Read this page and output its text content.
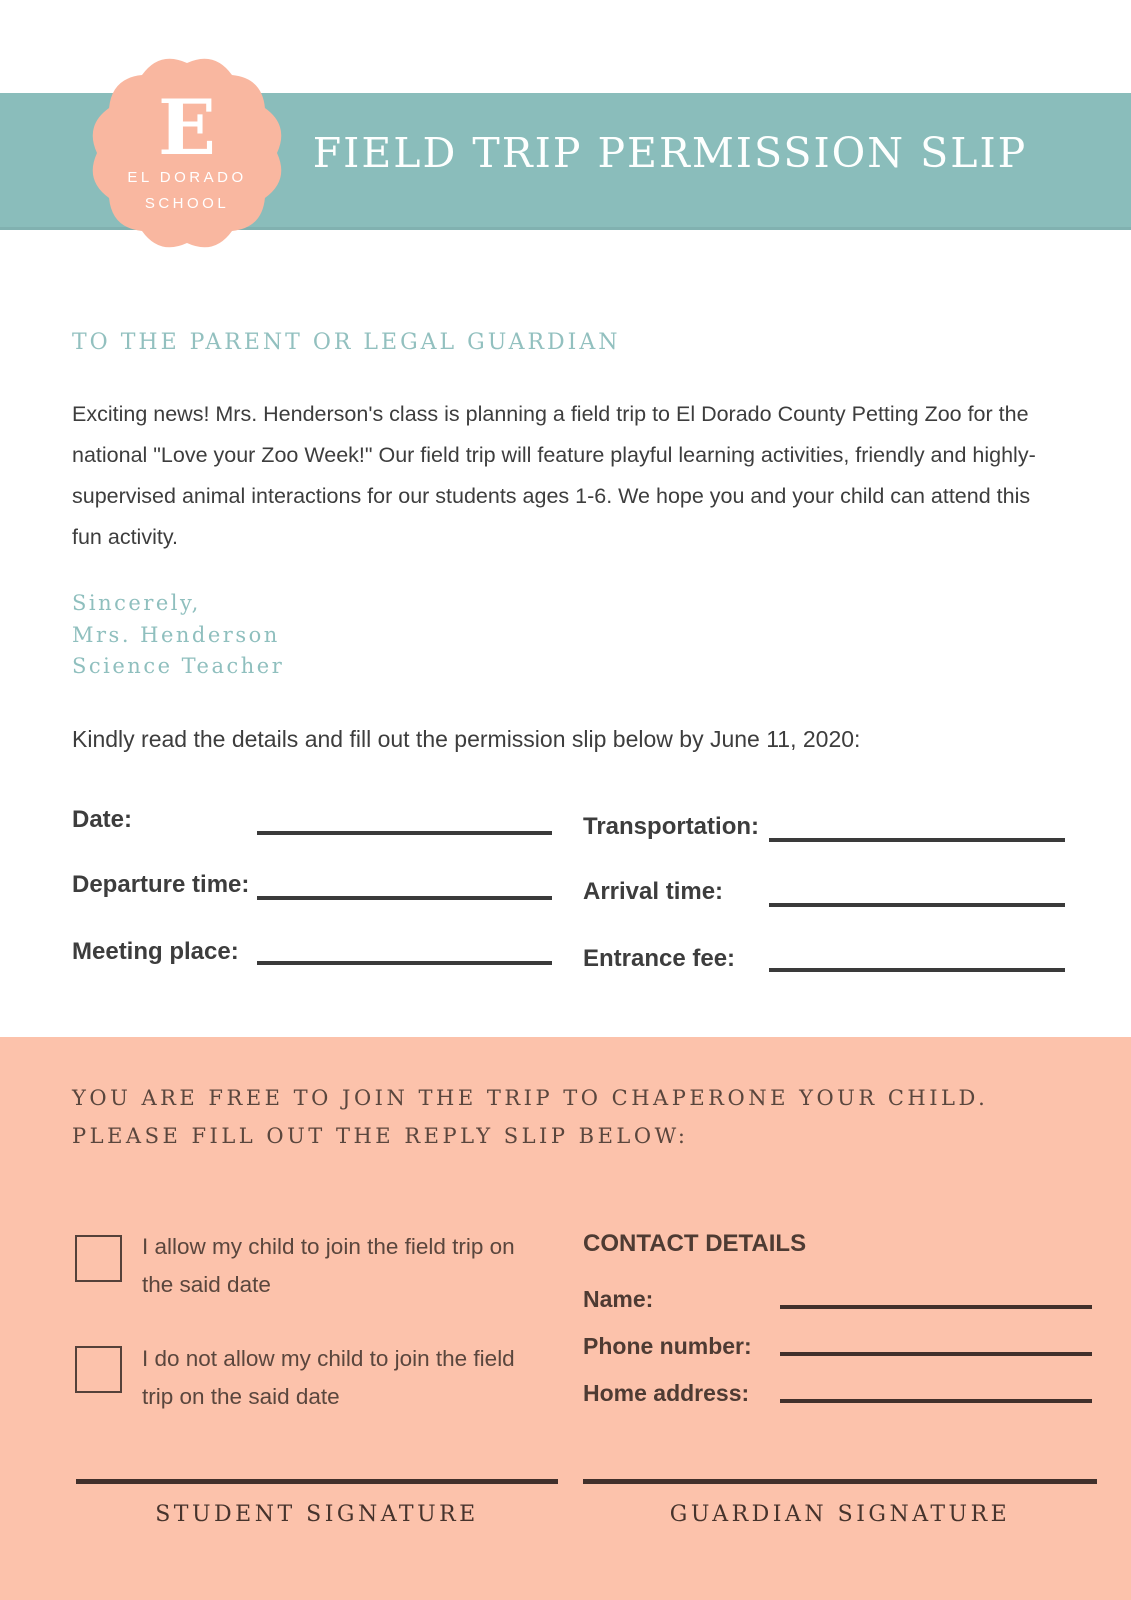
FIELD TRIP PERMISSION SLIP
E
EL DORADO
SCHOOL
TO THE PARENT OR LEGAL GUARDIAN
Exciting news! Mrs. Henderson's class is planning a field trip to El Dorado County Petting Zoo for the national "Love your Zoo Week!" Our field trip will feature playful learning activities, friendly and highly-supervised animal interactions for our students ages 1-6. We hope you and your child can attend this fun activity.
Sincerely,
Mrs. Henderson
Science Teacher
Kindly read the details and fill out the permission slip below by June 11, 2020:
Date:
Departure time:
Meeting place:
Transportation:
Arrival time:
Entrance fee:
YOU ARE FREE TO JOIN THE TRIP TO CHAPERONE YOUR CHILD.
PLEASE FILL OUT THE REPLY SLIP BELOW:
I allow my child to join the field trip on the said date
I do not allow my child to join the field trip on the said date
CONTACT DETAILS
Name:
Phone number:
Home address:
STUDENT SIGNATURE	GUARDIAN SIGNATURE
